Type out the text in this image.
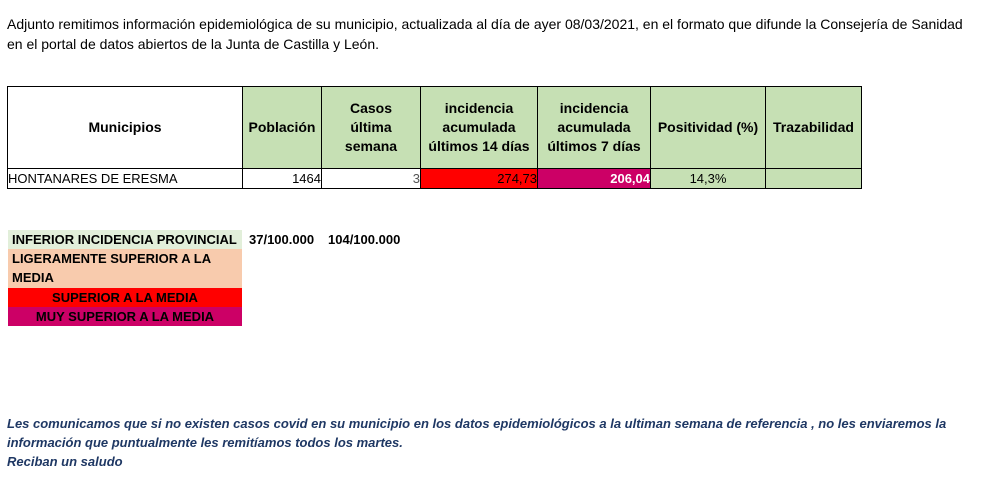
Adjunto remitimos información epidemiológica de su municipio, actualizada al día de ayer 08/03/2021, en el formato que difunde la Consejería de Sanidad en el portal de datos abiertos de la Junta de Castilla y León.
Municipios	Población	Casos última semana	incidencia acumulada últimos 14 días	incidencia acumulada últimos 7 días	Positividad (%)	Trazabilidad
HONTANARES DE ERESMA	1464	3	274,73	206,04	14,3%	
INFERIOR INCIDENCIA PROVINCIAL
LIGERAMENTE SUPERIOR A LA MEDIA
SUPERIOR A LA MEDIA
MUY SUPERIOR A LA MEDIA
37/100.000 104/100.000
Les comunicamos que si no existen casos covid en su municipio en los datos epidemiológicos a la ultiman semana de referencia , no les enviaremos la información que puntualmente les remitíamos todos los martes.
Reciban un saludo
